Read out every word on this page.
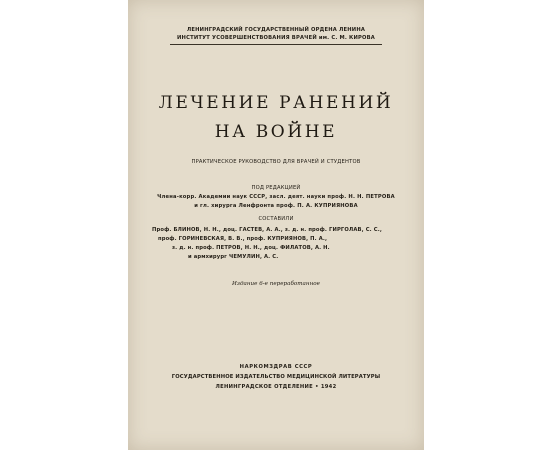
ЛЕНИНГРАДСКИЙ ГОСУДАРСТВЕННЫЙ ОРДЕНА ЛЕНИНА
ИНСТИТУТ УСОВЕРШЕНСТВОВАНИЯ ВРАЧЕЙ им. С. М. КИРОВА
ЛЕЧЕНИЕ РАНЕНИЙ
НА ВОЙНЕ
ПРАКТИЧЕСКОЕ РУКОВОДСТВО ДЛЯ ВРАЧЕЙ И СТУДЕНТОВ
ПОД РЕДАКЦИЕЙ
Члена-корр. Академии наук СССР, засл. деят. науки проф. Н. Н. ПЕТРОВА
и гл. хирурга Ленфронта проф. П. А. КУПРИЯНОВА
СОСТАВИЛИ
Проф. БЛИНОВ, Н. Н., доц. ГАСТЕВ, А. А., з. д. н. проф. ГИРГОЛАВ, С. С.,
проф. ГОРИНЕВСКАЯ, В. В., проф. КУПРИЯНОВ, П. А.,
з. д. н. проф. ПЕТРОВ, Н. Н., доц. ФИЛАТОВ, А. Н.
и армхирург ЧЕМУЛИН, А. С.
Издание 6-е переработанное
НАРКОМЗДРАВ СССР
ГОСУДАРСТВЕННОЕ ИЗДАТЕЛЬСТВО МЕДИЦИНСКОЙ ЛИТЕРАТУРЫ
ЛЕНИНГРАДСКОЕ ОТДЕЛЕНИЕ • 1942
